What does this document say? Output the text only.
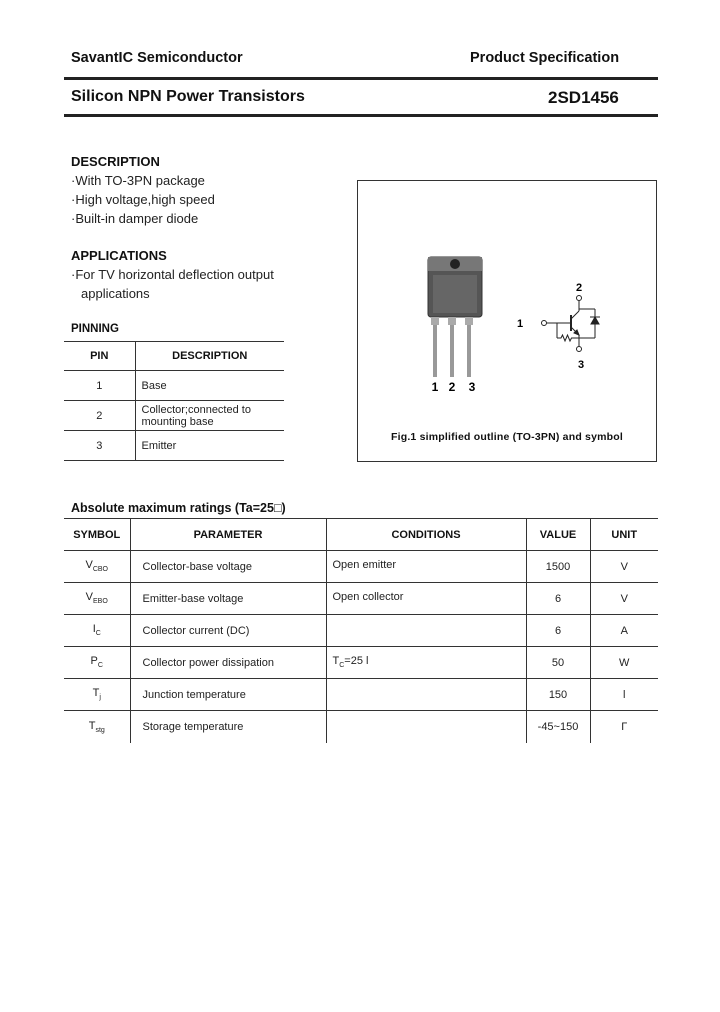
SavantIC Semiconductor	Product Specification
Silicon NPN Power Transistors	2SD1456
DESCRIPTION
·With TO-3PN package
·High voltage,high speed
·Built-in damper diode
APPLICATIONS
·For TV horizontal deflection output
applications
PINNING
PIN	DESCRIPTION
1	Base
2	Collector;connected to mounting base
3	Emitter
1 2 3
2
1
3
Fig.1 simplified outline (TO-3PN) and symbol
Absolute maximum ratings (Ta=25□)
SYMBOL	PARAMETER	CONDITIONS	VALUE	UNIT
$V_{CBO}$	Collector-base voltage	Open emitter	1500	V
$V_{EBO}$	Emitter-base voltage	Open collector	6	V
$I_C$	Collector current (DC)		6	A
$P_C$	Collector power dissipation	$T_C=25$ l	50	W
$T_j$	Junction temperature		150	l
$T_{stg}$	Storage temperature		-45~150	Γ
